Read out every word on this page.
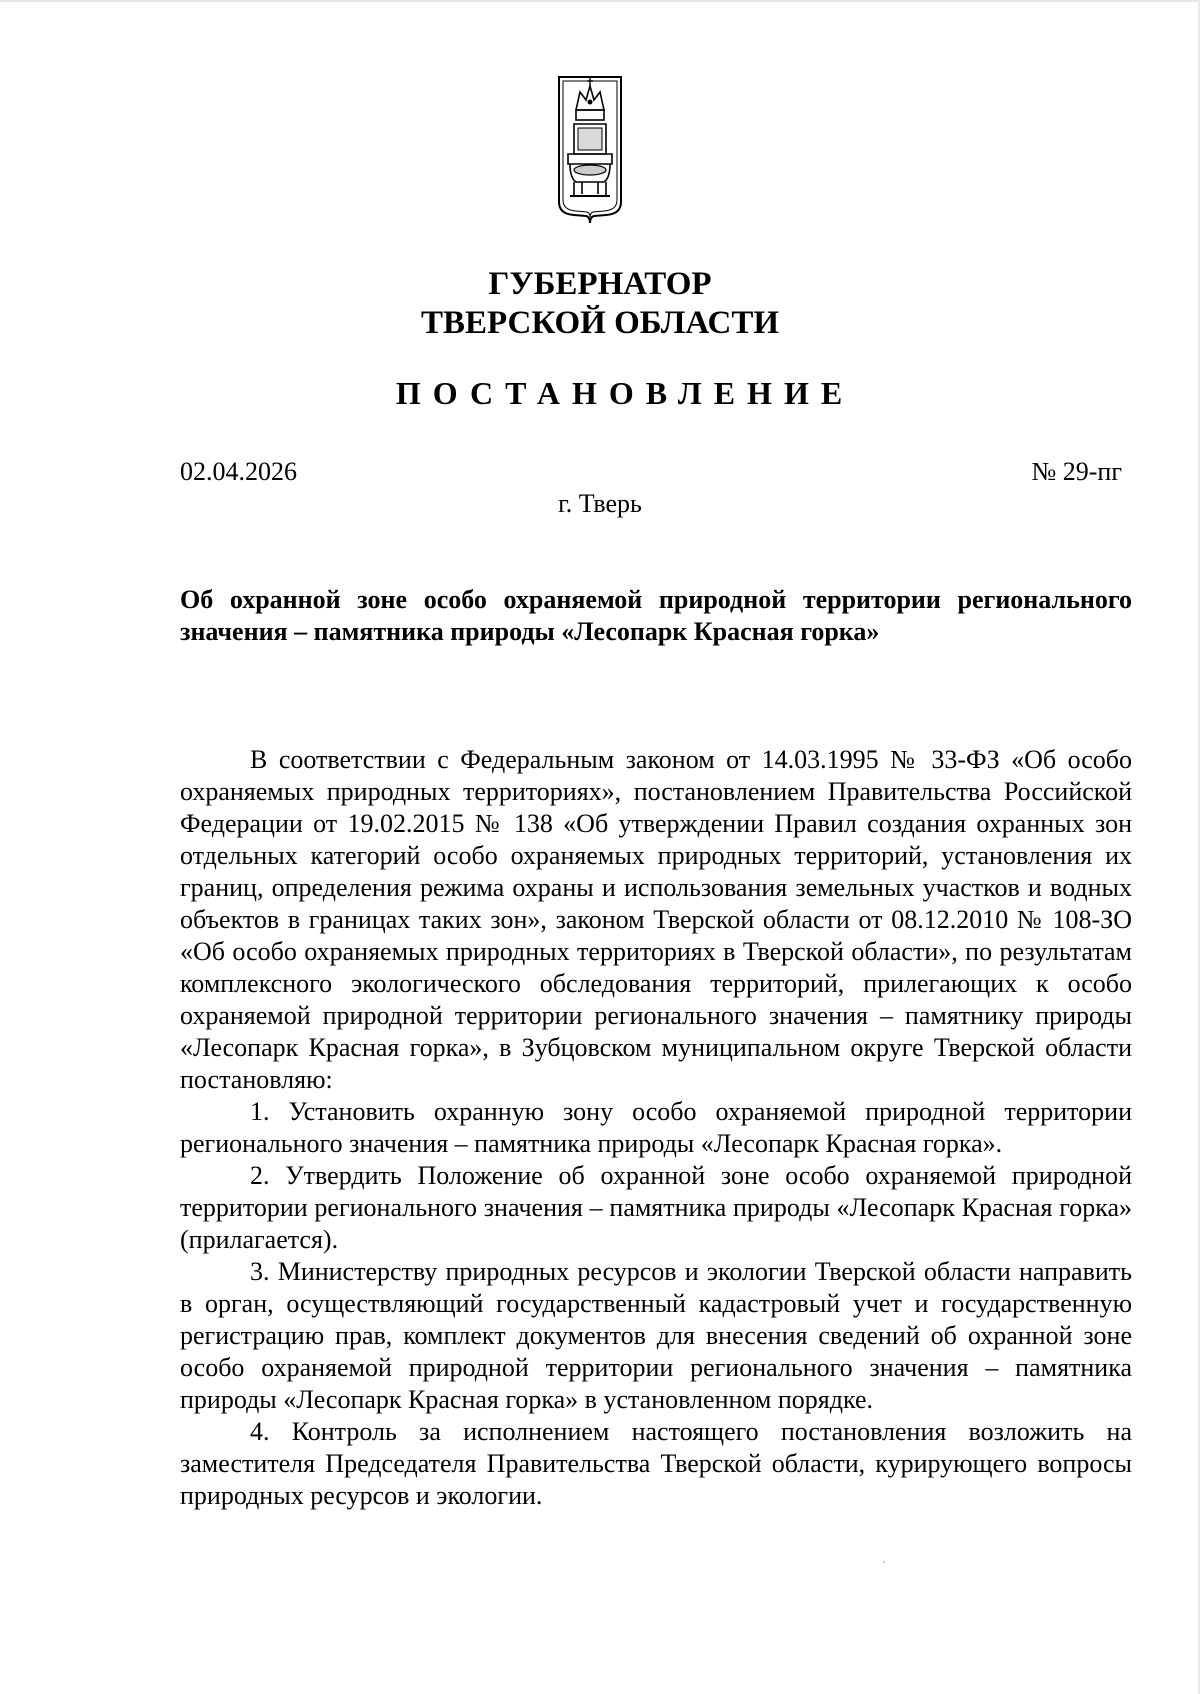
ГУБЕРНАТОР
ТВЕРСКОЙ ОБЛАСТИ
ПОСТАНОВЛЕНИЕ
02.04.2026	№ 29-пг
г. Тверь
Об охранной зоне особо охраняемой природной территории регионального значения – памятника природы «Лесопарк Красная горка»

В соответствии с Федеральным законом от 14.03.1995 № 33-ФЗ «Об особо охраняемых природных территориях», постановлением Правительства Российской Федерации от 19.02.2015 № 138 «Об утверждении Правил создания охранных зон отдельных категорий особо охраняемых природных территорий, установления их границ, определения режима охраны и использования земельных участков и водных объектов в границах таких зон», законом Тверской области от 08.12.2010 № 108-ЗО «Об особо охраняемых природных территориях в Тверской области», по результатам комплексного экологического обследования территорий, прилегающих к особо охраняемой природной территории регионального значения – памятнику природы «Лесопарк Красная горка», в Зубцовском муниципальном округе Тверской области постановляю:

1. Установить охранную зону особо охраняемой природной территории регионального значения – памятника природы «Лесопарк Красная горка».

2. Утвердить Положение об охранной зоне особо охраняемой природной территории регионального значения – памятника природы «Лесопарк Красная горка» (прилагается).

3. Министерству природных ресурсов и экологии Тверской области направить в орган, осуществляющий государственный кадастровый учет и государственную регистрацию прав, комплект документов для внесения сведений об охранной зоне особо охраняемой природной территории регионального значения – памятника природы «Лесопарк Красная горка» в установленном порядке.

4. Контроль за исполнением настоящего постановления возложить на заместителя Председателя Правительства Тверской области, курирующего вопросы природных ресурсов и экологии.
